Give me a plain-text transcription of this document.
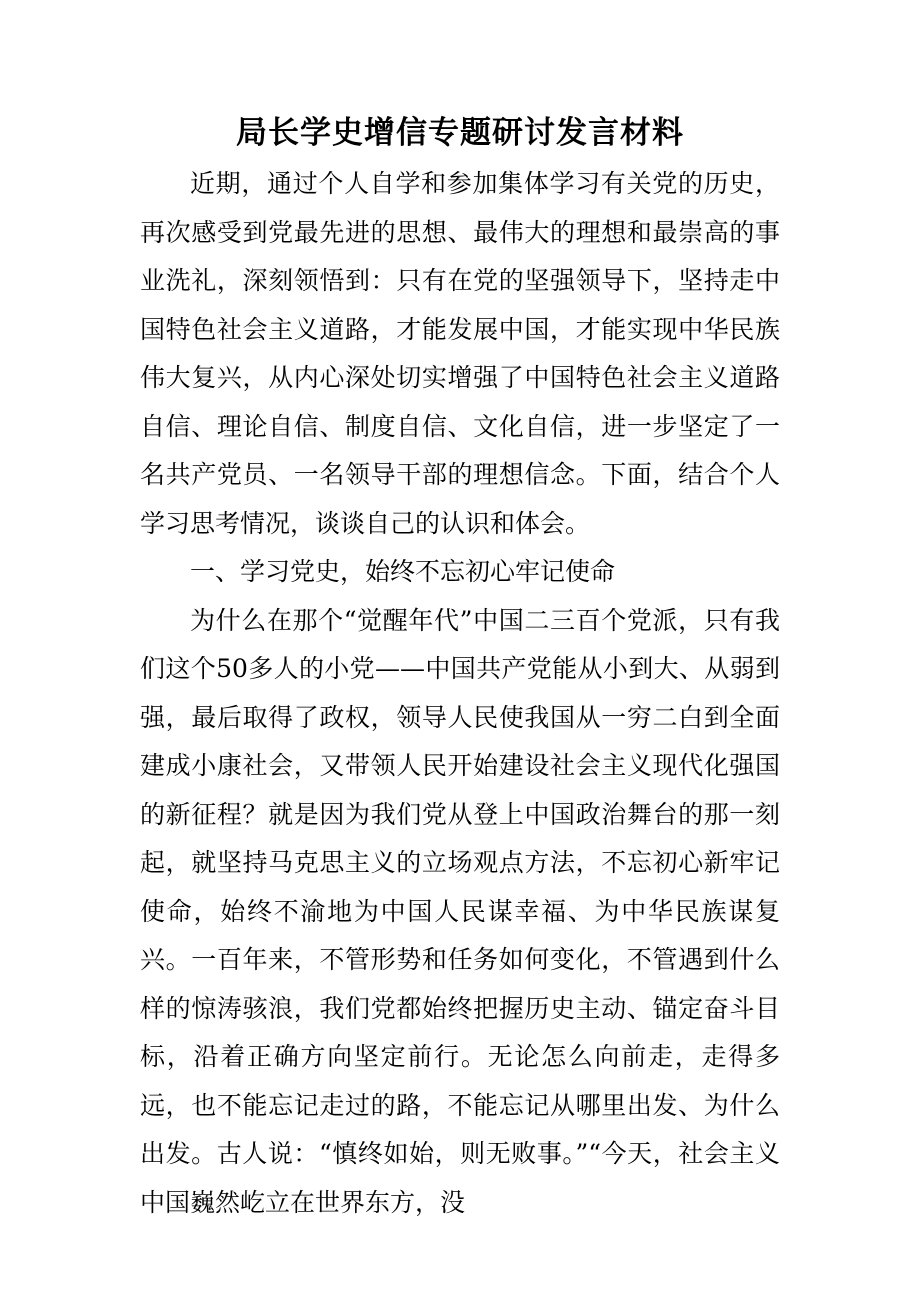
局长学史增信专题研讨发言材料

近期，通过个人自学和参加集体学习有关党的历史，再次感受到党最先进的思想、最伟大的理想和最崇高的事业洗礼，深刻领悟到：只有在党的坚强领导下，坚持走中国特色社会主义道路，才能发展中国，才能实现中华民族伟大复兴，从内心深处切实增强了中国特色社会主义道路自信、理论自信、制度自信、文化自信，进一步坚定了一名共产党员、一名领导干部的理想信念。下面，结合个人学习思考情况，谈谈自己的认识和体会。

一、学习党史，始终不忘初心牢记使命

为什么在那个“觉醒年代”中国二三百个党派，只有我们这个50多人的小党——中国共产党能从小到大、从弱到强，最后取得了政权，领导人民使我国从一穷二白到全面建成小康社会，又带领人民开始建设社会主义现代化强国的新征程？就是因为我们党从登上中国政治舞台的那一刻起，就坚持马克思主义的立场观点方法，不忘初心新牢记使命，始终不渝地为中国人民谋幸福、为中华民族谋复兴。一百年来，不管形势和任务如何变化，不管遇到什么样的惊涛骇浪，我们党都始终把握历史主动、锚定奋斗目标，沿着正确方向坚定前行。无论怎么向前走，走得多远，也不能忘记走过的路，不能忘记从哪里出发、为什么出发。古人说：“慎终如始，则无败事。”“今天，社会主义中国巍然屹立在世界东方，没
